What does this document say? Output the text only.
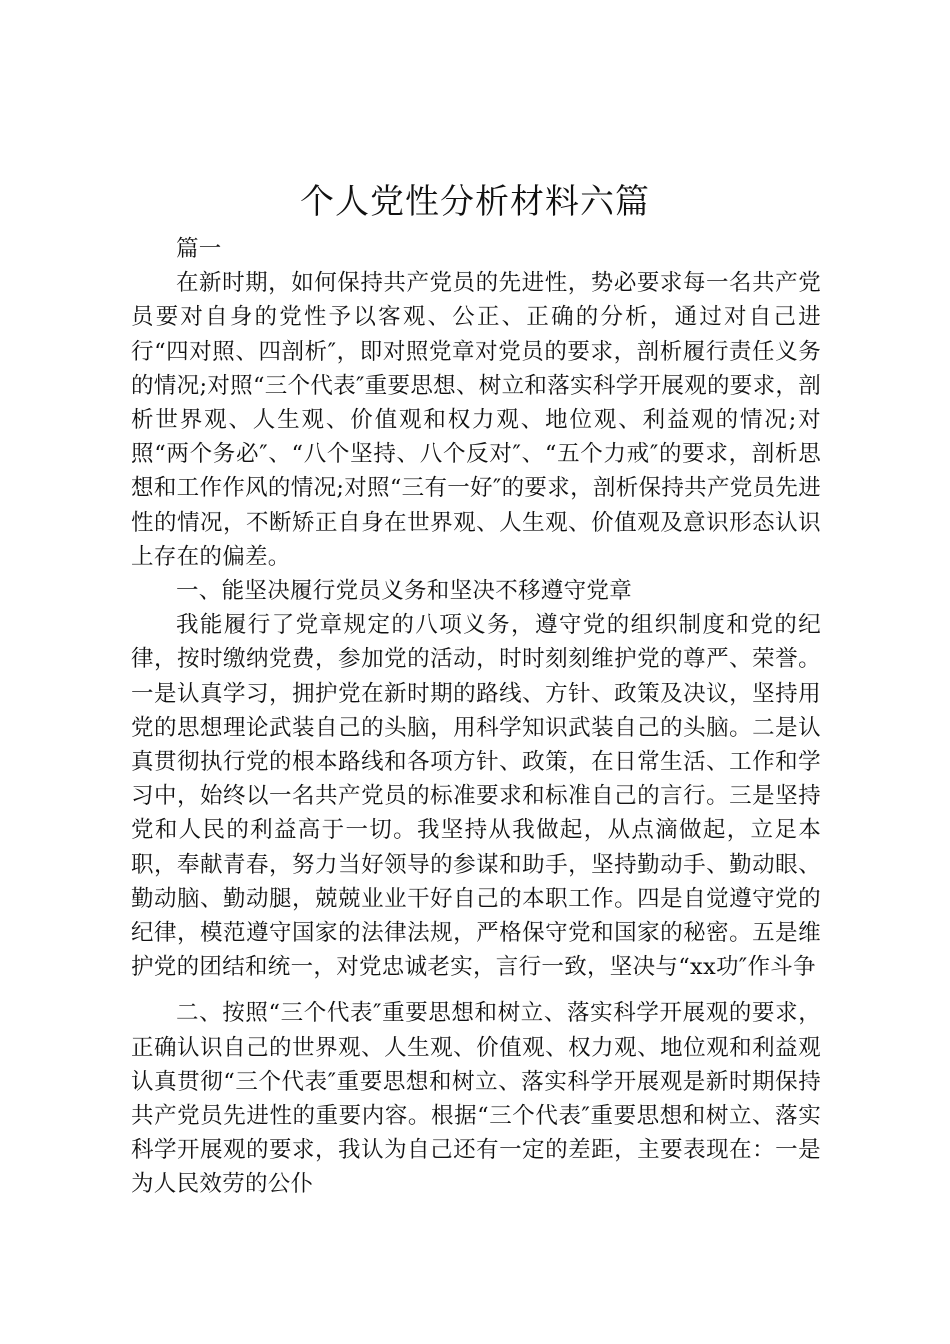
个人党性分析材料六篇

篇一

在新时期，如何保持共产党员的先进性，势必要求每一名共产党员要对自身的党性予以客观、公正、正确的分析，通过对自己进行“四对照、四剖析″，即对照党章对党员的要求，剖析履行责任义务的情况;对照“三个代表″重要思想、树立和落实科学开展观的要求，剖析世界观、人生观、价值观和权力观、地位观、利益观的情况;对照“两个务必″、“八个坚持、八个反对″、“五个力戒″的要求，剖析思想和工作作风的情况;对照“三有一好″的要求，剖析保持共产党员先进性的情况，不断矫正自身在世界观、人生观、价值观及意识形态认识上存在的偏差。

一、能坚决履行党员义务和坚决不移遵守党章

我能履行了党章规定的八项义务，遵守党的组织制度和党的纪律，按时缴纳党费，参加党的活动，时时刻刻维护党的尊严、荣誉。一是认真学习，拥护党在新时期的路线、方针、政策及决议，坚持用党的思想理论武装自己的头脑，用科学知识武装自己的头脑。二是认真贯彻执行党的根本路线和各项方针、政策，在日常生活、工作和学习中，始终以一名共产党员的标准要求和标准自己的言行。三是坚持党和人民的利益高于一切。我坚持从我做起，从点滴做起，立足本职，奉献青春，努力当好领导的参谋和助手，坚持勤动手、勤动眼、勤动脑、勤动腿，兢兢业业干好自己的本职工作。四是自觉遵守党的纪律，模范遵守国家的法律法规，严格保守党和国家的秘密。五是维护党的团结和统一，对党忠诚老实，言行一致，坚决与“xx功″作斗争

二、按照“三个代表″重要思想和树立、落实科学开展观的要求，正确认识自己的世界观、人生观、价值观、权力观、地位观和利益观认真贯彻“三个代表″重要思想和树立、落实科学开展观是新时期保持共产党员先进性的重要内容。根据“三个代表″重要思想和树立、落实科学开展观的要求，我认为自己还有一定的差距，主要表现在：一是为人民效劳的公仆
